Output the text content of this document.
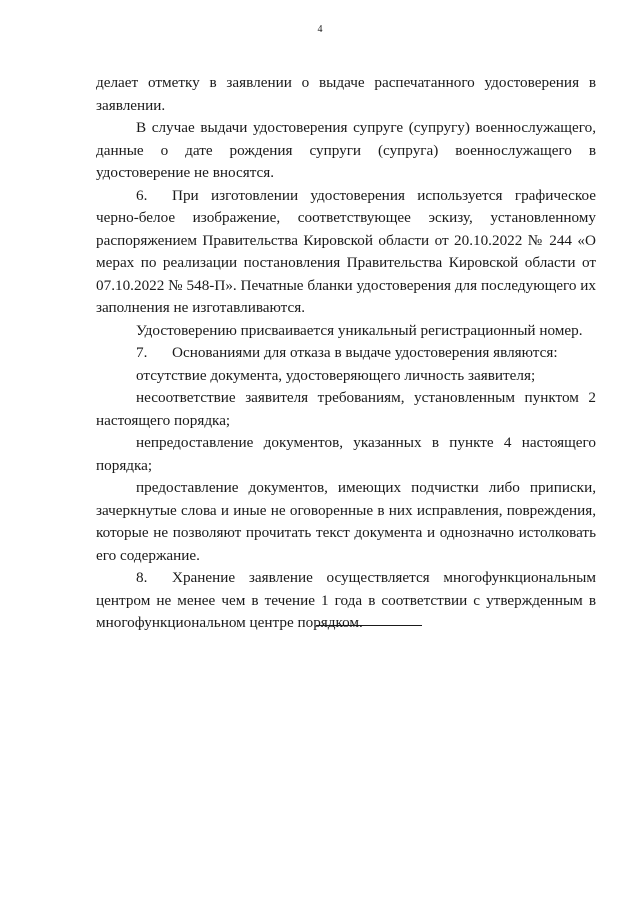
4

делает отметку в заявлении о выдаче распечатанного удостоверения в заявлении.

В случае выдачи удостоверения супруге (супругу) военнослужащего, данные о дате рождения супруги (супруга) военнослужащего в удостоверение не вносятся.

6. При изготовлении удостоверения используется графическое черно-белое изображение, соответствующее эскизу, установленному распоряжением Правительства Кировской области от 20.10.2022 № 244 «О мерах по реализации постановления Правительства Кировской области от 07.10.2022 № 548-П». Печатные бланки удостоверения для последующего их заполнения не изготавливаются.

Удостоверению присваивается уникальный регистрационный номер.

7. Основаниями для отказа в выдаче удостоверения являются:

отсутствие документа, удостоверяющего личность заявителя;

несоответствие заявителя требованиям, установленным пунктом 2 настоящего порядка;

непредоставление документов, указанных в пункте 4 настоящего порядка;

предоставление документов, имеющих подчистки либо приписки, зачеркнутые слова и иные не оговоренные в них исправления, повреждения, которые не позволяют прочитать текст документа и однозначно истолковать его содержание.

8. Хранение заявление осуществляется многофункциональным центром не менее чем в течение 1 года в соответствии с утвержденным в многофункциональном центре порядком.
